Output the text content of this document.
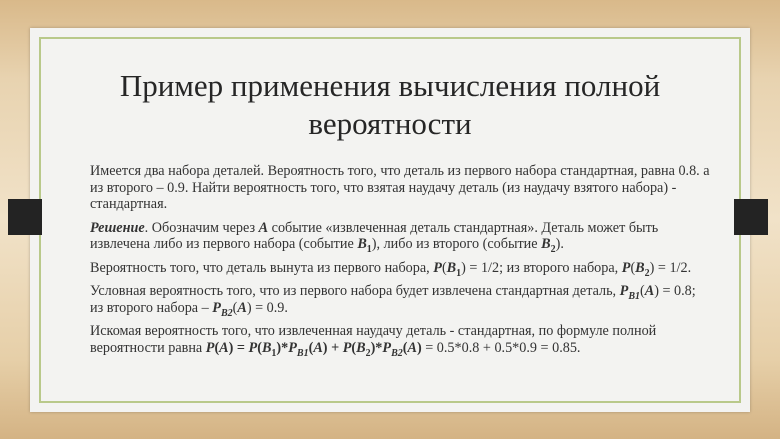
Пример применения вычисления полной вероятности

Имеется два набора деталей. Вероятность того, что деталь из первого набора стандартная, равна 0.8. а из второго – 0.9. Найти вероятность того, что взятая наудачу деталь (из наудачу взятого набора) - стандартная.

Решение. Обозначим через A событие «извлеченная деталь стандартная». Деталь может быть извлечена либо из первого набора (событие $B_1$), либо из второго (событие $B_2$).

Вероятность того, что деталь вынута из первого набора, $P(B_1) = 1/2$; из второго набора, $P(B_2) = 1/2$.

Условная вероятность того, что из первого набора будет извлечена стандартная деталь, $P_{B1}(A) = 0.8$; из второго набора – $P_{B2}(A) = 0.9$.

Искомая вероятность того, что извлеченная наудачу деталь - стандартная, по формуле полной вероятности равна $P(A) = P(B_1)*P_{B1}(A) + P(B_2)*P_{B2}(A) = 0.5*0.8 + 0.5*0.9 = 0.85$.
